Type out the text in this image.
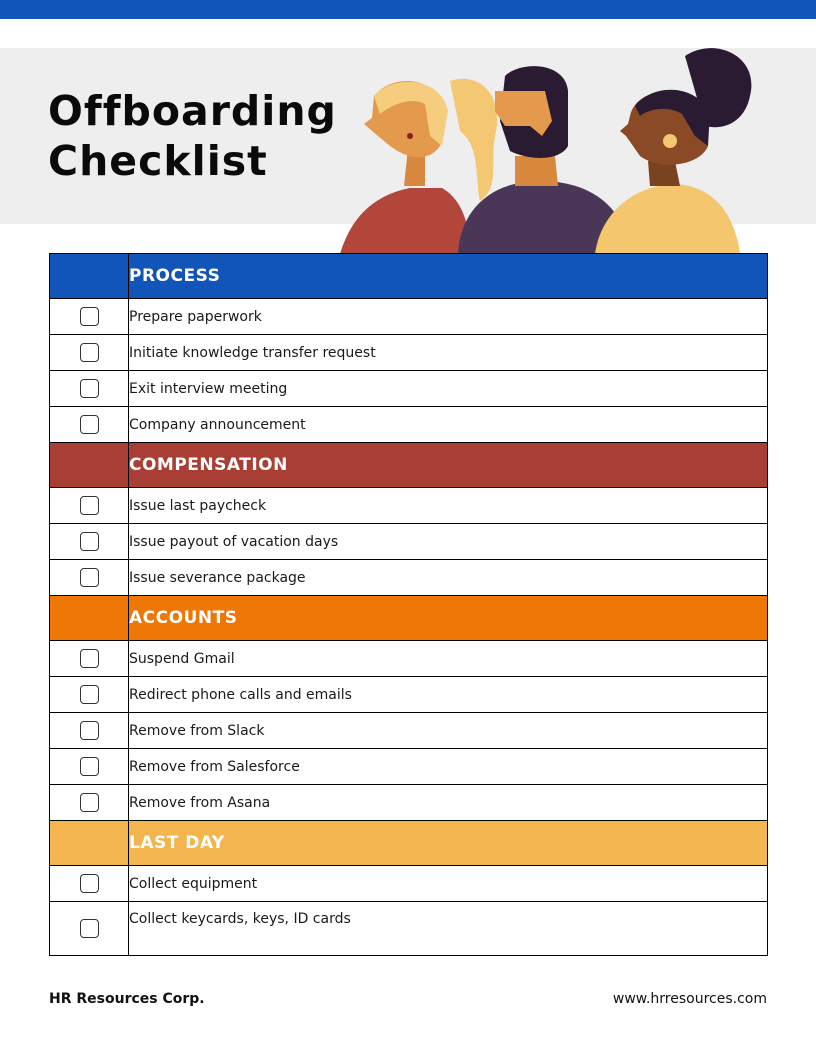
Offboarding
Checklist
	PROCESS
	Prepare paperwork
	Initiate knowledge transfer request
	Exit interview meeting
	Company announcement
	COMPENSATION
	Issue last paycheck
	Issue payout of vacation days
	Issue severance package
	ACCOUNTS
	Suspend Gmail
	Redirect phone calls and emails
	Remove from Slack
	Remove from Salesforce
	Remove from Asana
	LAST DAY
	Collect equipment
	Collect keycards, keys, ID cards
HR Resources Corp.	www.hrresources.com
